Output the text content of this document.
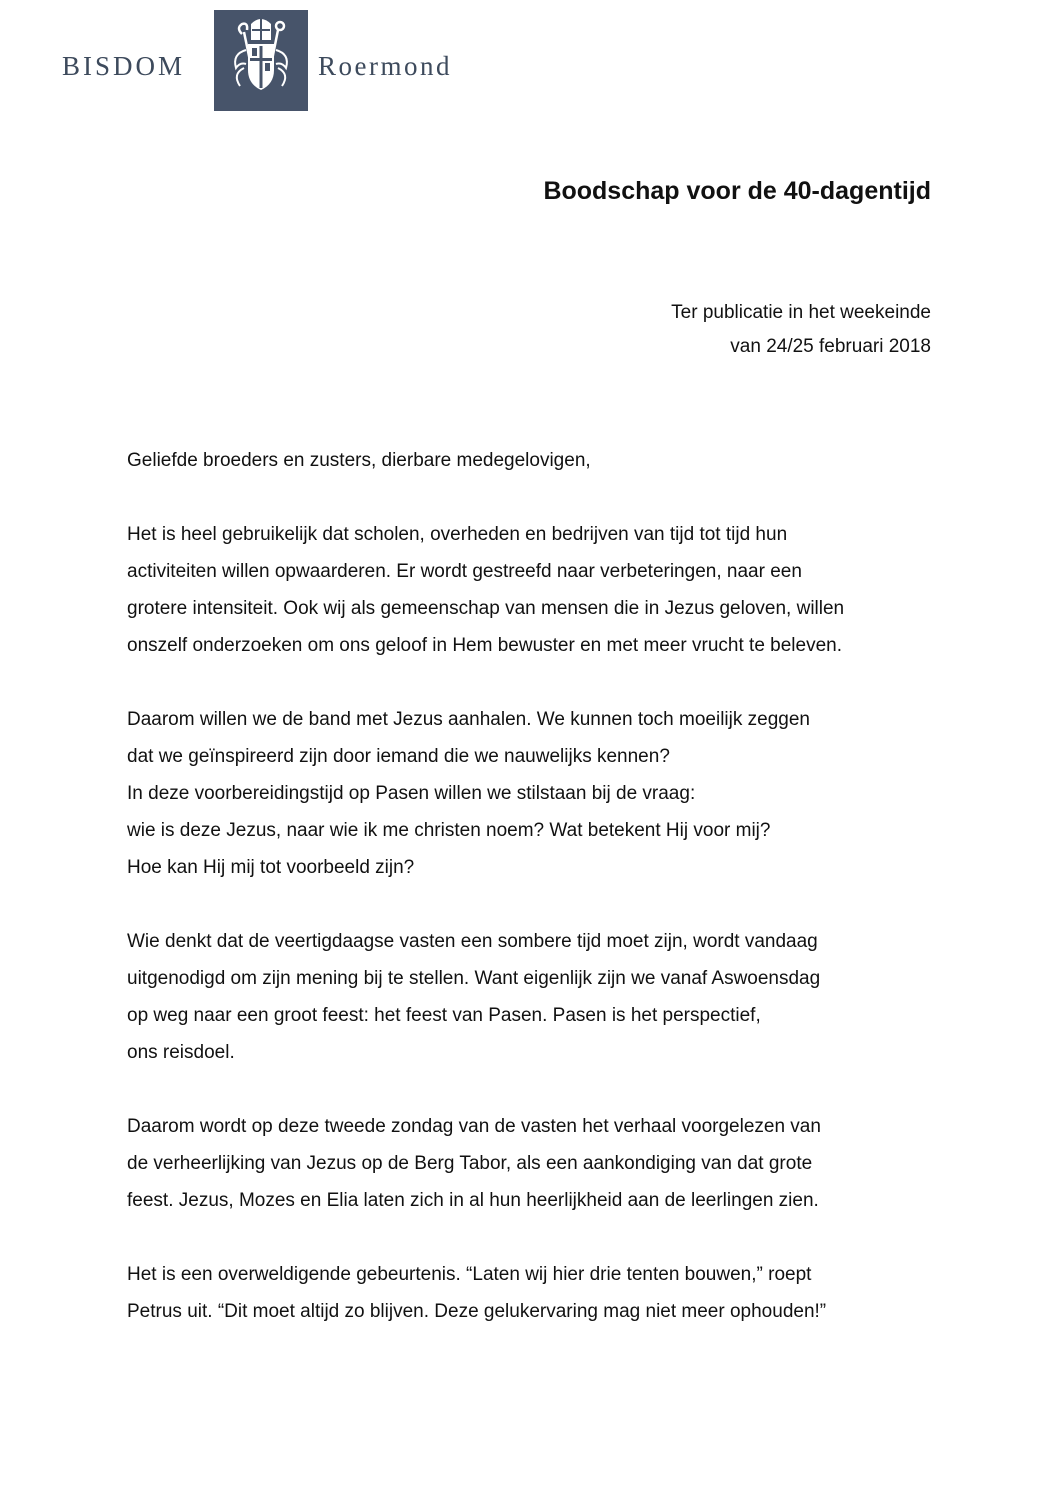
BISDOM	Roermond
Boodschap voor de 40-dagentijd
Ter publicatie in het weekeinde
van 24/25 februari 2018
Geliefde broeders en zusters, dierbare medegelovigen,
Het is heel gebruikelijk dat scholen, overheden en bedrijven van tijd tot tijd hun
activiteiten willen opwaarderen. Er wordt gestreefd naar verbeteringen, naar een
grotere intensiteit. Ook wij als gemeenschap van mensen die in Jezus geloven, willen
onszelf onderzoeken om ons geloof in Hem bewuster en met meer vrucht te beleven.
Daarom willen we de band met Jezus aanhalen. We kunnen toch moeilijk zeggen
dat we geïnspireerd zijn door iemand die we nauwelijks kennen?
In deze voorbereidingstijd op Pasen willen we stilstaan bij de vraag:
wie is deze Jezus, naar wie ik me christen noem? Wat betekent Hij voor mij?
Hoe kan Hij mij tot voorbeeld zijn?
Wie denkt dat de veertigdaagse vasten een sombere tijd moet zijn, wordt vandaag
uitgenodigd om zijn mening bij te stellen. Want eigenlijk zijn we vanaf Aswoensdag
op weg naar een groot feest: het feest van Pasen. Pasen is het perspectief,
ons reisdoel.
Daarom wordt op deze tweede zondag van de vasten het verhaal voorgelezen van
de verheerlijking van Jezus op de Berg Tabor, als een aankondiging van dat grote
feest. Jezus, Mozes en Elia laten zich in al hun heerlijkheid aan de leerlingen zien.
Het is een overweldigende gebeurtenis. “Laten wij hier drie tenten bouwen,” roept
Petrus uit. “Dit moet altijd zo blijven. Deze gelukervaring mag niet meer ophouden!”
